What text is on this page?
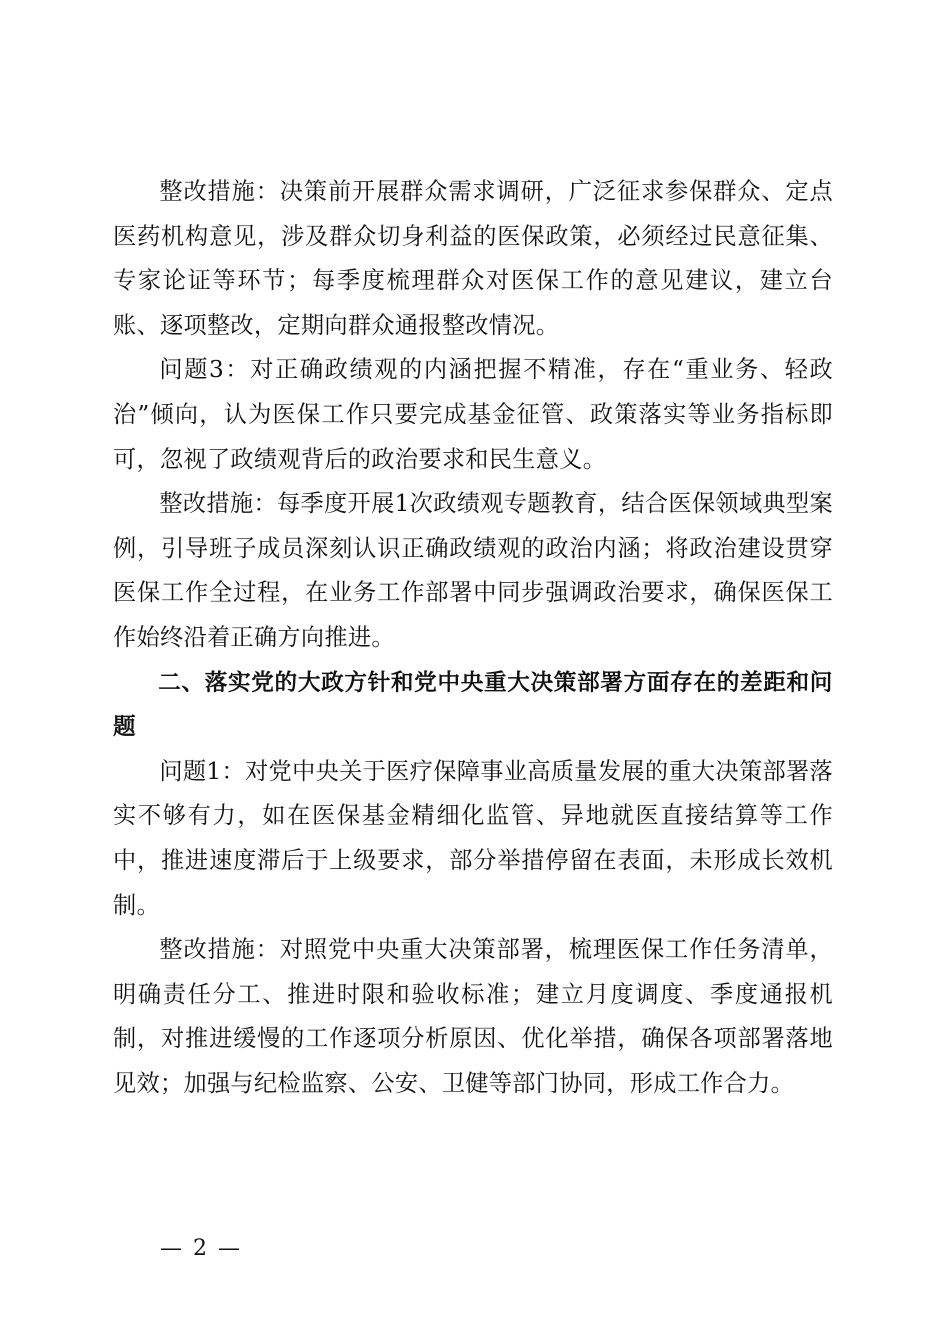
整改措施：决策前开展群众需求调研，广泛征求参保群众、定点医药机构意见，涉及群众切身利益的医保政策，必须经过民意征集、专家论证等环节；每季度梳理群众对医保工作的意见建议，建立台账、逐项整改，定期向群众通报整改情况。

问题3：对正确政绩观的内涵把握不精准，存在“重业务、轻政治”倾向，认为医保工作只要完成基金征管、政策落实等业务指标即可，忽视了政绩观背后的政治要求和民生意义。

整改措施：每季度开展1次政绩观专题教育，结合医保领域典型案例，引导班子成员深刻认识正确政绩观的政治内涵；将政治建设贯穿医保工作全过程，在业务工作部署中同步强调政治要求，确保医保工作始终沿着正确方向推进。

二、落实党的大政方针和党中央重大决策部署方面存在的差距和问题

问题1：对党中央关于医疗保障事业高质量发展的重大决策部署落实不够有力，如在医保基金精细化监管、异地就医直接结算等工作中，推进速度滞后于上级要求，部分举措停留在表面，未形成长效机制。

整改措施：对照党中央重大决策部署，梳理医保工作任务清单，明确责任分工、推进时限和验收标准；建立月度调度、季度通报机制，对推进缓慢的工作逐项分析原因、优化举措，确保各项部署落地见效；加强与纪检监察、公安、卫健等部门协同，形成工作合力。

— 2 —
